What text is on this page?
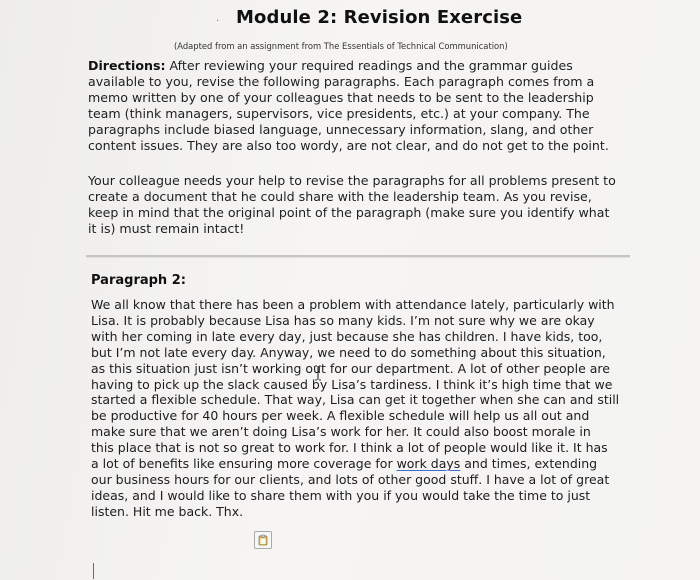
. Module 2: Revision Exercise

(Adapted from an assignment from The Essentials of Technical Communication)

Directions: After reviewing your required readings and the grammar guides
available to you, revise the following paragraphs. Each paragraph comes from a
memo written by one of your colleagues that needs to be sent to the leadership
team (think managers, supervisors, vice presidents, etc.) at your company. The
paragraphs include biased language, unnecessary information, slang, and other
content issues. They are also too wordy, are not clear, and do not get to the point.
Your colleague needs your help to revise the paragraphs for all problems present to
create a document that he could share with the leadership team. As you revise,
keep in mind that the original point of the paragraph (make sure you identify what
it is) must remain intact!
Paragraph 2:
We all know that there has been a problem with attendance lately, particularly with
Lisa. It is probably because Lisa has so many kids. I’m not sure why we are okay
with her coming in late every day, just because she has children. I have kids, too,
but I’m not late every day. Anyway, we need to do something about this situation,
as this situation just isn’t working out for our department. A lot of other people are
having to pick up the slack caused by Lisa’s tardiness. I think it’s high time that we
started a flexible schedule. That way, Lisa can get it together when she can and still
be productive for 40 hours per week. A flexible schedule will help us all out and
make sure that we aren’t doing Lisa’s work for her. It could also boost morale in
this place that is not so great to work for. I think a lot of people would like it. It has
a lot of benefits like ensuring more coverage for work days and times, extending
our business hours for our clients, and lots of other good stuff. I have a lot of great
ideas, and I would like to share them with you if you would take the time to just
listen. Hit me back. Thx.
